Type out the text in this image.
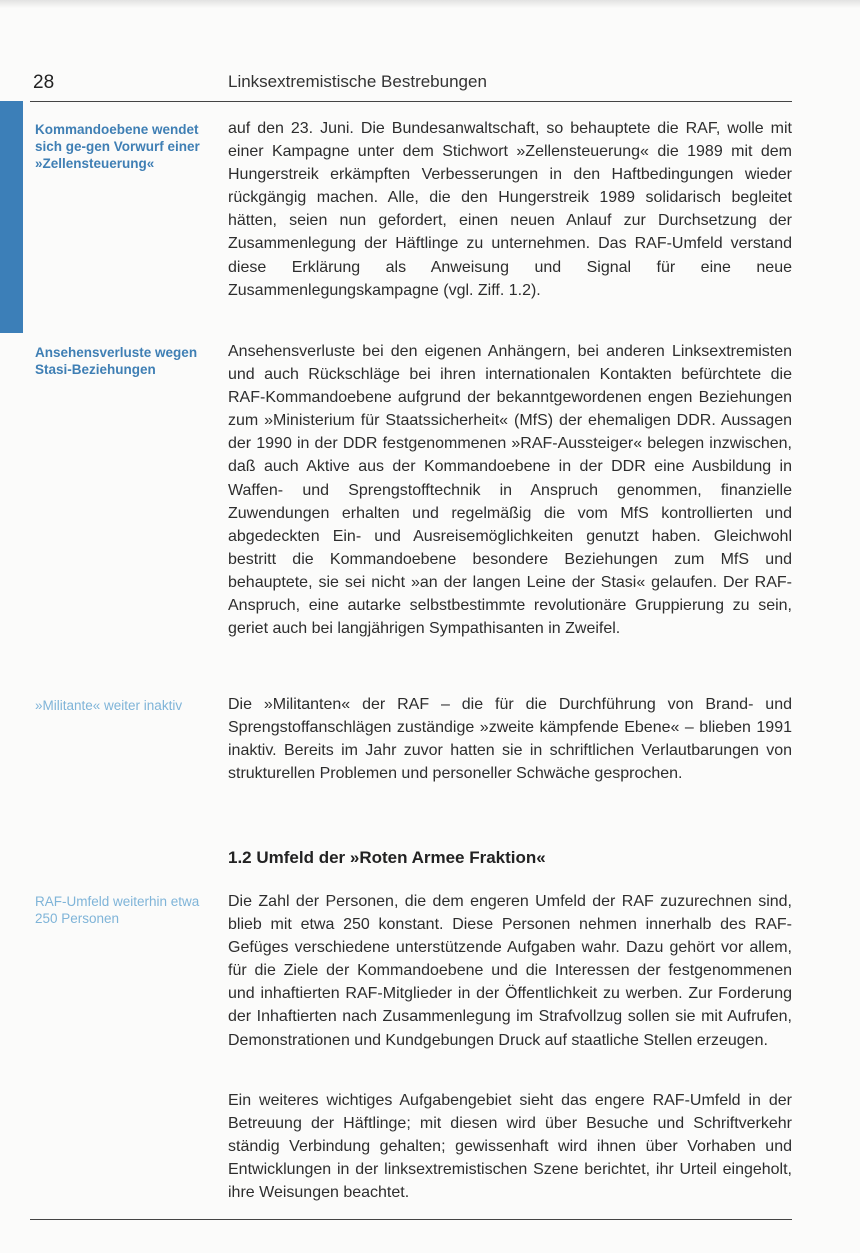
28	Linksextremistische Bestrebungen
Kommandoebene wendet sich ge-gen Vorwurf einer »Zellensteuerung«
Ansehensverluste wegen Stasi-Beziehungen
»Militante« weiter inaktiv
RAF-Umfeld weiterhin etwa 250 Personen

auf den 23. Juni. Die Bundesanwaltschaft, so behauptete die RAF, wolle mit einer Kampagne unter dem Stichwort »Zellensteuerung« die 1989 mit dem Hungerstreik erkämpften Verbesserungen in den Haftbedingungen wieder rückgängig machen. Alle, die den Hungerstreik 1989 solidarisch begleitet hätten, seien nun gefordert, einen neuen Anlauf zur Durchsetzung der Zusammenlegung der Häftlinge zu unternehmen. Das RAF-Umfeld verstand diese Erklärung als Anweisung und Signal für eine neue Zusammenlegungskampagne (vgl. Ziff. 1.2).

Ansehensverluste bei den eigenen Anhängern, bei anderen Linksextremisten und auch Rückschläge bei ihren internationalen Kontakten befürchtete die RAF-Kommandoebene aufgrund der bekanntgewordenen engen Beziehungen zum »Ministerium für Staatssicherheit« (MfS) der ehemaligen DDR. Aussagen der 1990 in der DDR festgenommenen »RAF-Aussteiger« belegen inzwischen, daß auch Aktive aus der Kommandoebene in der DDR eine Ausbildung in Waffen- und Sprengstofftechnik in Anspruch genommen, finanzielle Zuwendungen erhalten und regelmäßig die vom MfS kontrollierten und abgedeckten Ein- und Ausreisemöglichkeiten genutzt haben. Gleichwohl bestritt die Kommandoebene besondere Beziehungen zum MfS und behauptete, sie sei nicht »an der langen Leine der Stasi« gelaufen. Der RAF-Anspruch, eine autarke selbstbestimmte revolutionäre Gruppierung zu sein, geriet auch bei langjährigen Sympathisanten in Zweifel.

Die »Militanten« der RAF – die für die Durchführung von Brand- und Sprengstoffanschlägen zuständige »zweite kämpfende Ebene« – blieben 1991 inaktiv. Bereits im Jahr zuvor hatten sie in schriftlichen Verlautbarungen von strukturellen Problemen und personeller Schwäche gesprochen.

1.2 Umfeld der »Roten Armee Fraktion«

Die Zahl der Personen, die dem engeren Umfeld der RAF zuzurechnen sind, blieb mit etwa 250 konstant. Diese Personen nehmen innerhalb des RAF-Gefüges verschiedene unterstützende Aufgaben wahr. Dazu gehört vor allem, für die Ziele der Kommandoebene und die Interessen der festgenommenen und inhaftierten RAF-Mitglieder in der Öffentlichkeit zu werben. Zur Forderung der Inhaftierten nach Zusammenlegung im Strafvollzug sollen sie mit Aufrufen, Demonstrationen und Kundgebungen Druck auf staatliche Stellen erzeugen.

Ein weiteres wichtiges Aufgabengebiet sieht das engere RAF-Umfeld in der Betreuung der Häftlinge; mit diesen wird über Besuche und Schriftverkehr ständig Verbindung gehalten; gewissenhaft wird ihnen über Vorhaben und Entwicklungen in der linksextremistischen Szene berichtet, ihr Urteil eingeholt, ihre Weisungen beachtet.
